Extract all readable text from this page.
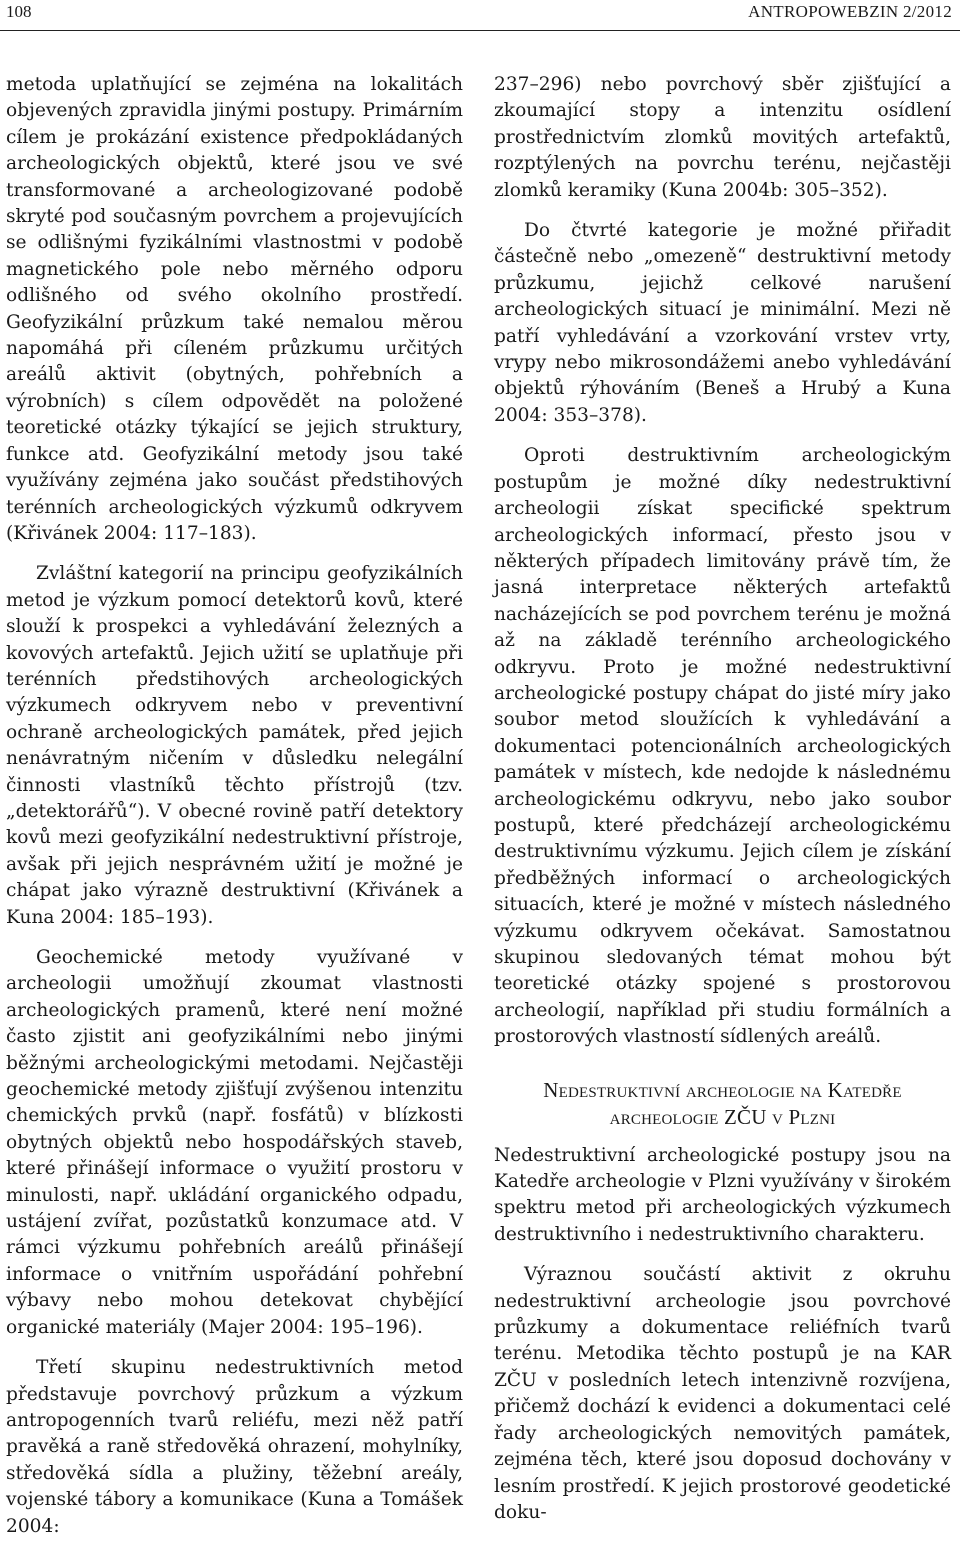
108	ANTROPOWEBZIN 2/2012

metoda uplatňující se zejména na lokalitách objevených zpravidla jinými postupy. Primárním cílem je prokázání existence předpokládaných archeologických objektů, které jsou ve své transformované a archeologizované podobě skryté pod současným povrchem a projevujících se odlišnými fyzikálními vlastnostmi v podobě magnetického pole nebo měrného odporu odlišného od svého okolního prostředí. Geofyzikální průzkum také nemalou měrou napomáhá při cíleném průzkumu určitých areálů aktivit (obytných, pohřebních a výrobních) s cílem odpovědět na položené teoretické otázky týkající se jejich struktury, funkce atd. Geofyzikální metody jsou také využívány zejména jako součást předstihových terénních archeologických výzkumů odkryvem (Křivánek 2004: 117–183).

Zvláštní kategorií na principu geofyzikálních metod je výzkum pomocí detektorů kovů, které slouží k prospekci a vyhledávání železných a kovových artefaktů. Jejich užití se uplatňuje při terénních předstihových archeologických výzkumech odkryvem nebo v preventivní ochraně archeologických památek, před jejich nenávratným ničením v důsledku nelegální činnosti vlastníků těchto přístrojů (tzv. „detektorářů“). V obecné rovině patří detektory kovů mezi geofyzikální nedestruktivní přístroje, avšak při jejich nesprávném užití je možné je chápat jako výrazně destruktivní (Křivánek a Kuna 2004: 185–193).

Geochemické metody využívané v archeologii umožňují zkoumat vlastnosti archeologických pramenů, které není možné často zjistit ani geofyzikálními nebo jinými běžnými archeologickými metodami. Nejčastěji geochemické metody zjišťují zvýšenou intenzitu chemických prvků (např. fosfátů) v blízkosti obytných objektů nebo hospodářských staveb, které přinášejí informace o využití prostoru v minulosti, např. ukládání organického odpadu, ustájení zvířat, pozůstatků konzumace atd. V rámci výzkumu pohřebních areálů přinášejí informace o vnitřním uspořádání pohřební výbavy nebo mohou detekovat chybějící organické materiály (Majer 2004: 195–196).

Třetí skupinu nedestruktivních metod představuje povrchový průzkum a výzkum antropogenních tvarů reliéfu, mezi něž patří pravěká a raně středověká ohrazení, mohylníky, středověká sídla a plužiny, těžební areály, vojenské tábory a komunikace (Kuna a Tomášek 2004:

237–296) nebo povrchový sběr zjišťující a zkoumající stopy a intenzitu osídlení prostřednictvím zlomků movitých artefaktů, rozptýlených na povrchu terénu, nejčastěji zlomků keramiky (Kuna 2004b: 305–352).

Do čtvrté kategorie je možné přiřadit částečně nebo „omezeně“ destruktivní metody průzkumu, jejichž celkové narušení archeologických situací je minimální. Mezi ně patří vyhledávání a vzorkování vrstev vrty, vrypy nebo mikrosondážemi anebo vyhledávání objektů rýhováním (Beneš a Hrubý a Kuna 2004: 353–378).

Oproti destruktivním archeologickým postupům je možné díky nedestruktivní archeologii získat specifické spektrum archeologických informací, přesto jsou v některých případech limitovány právě tím, že jasná interpretace některých artefaktů nacházejících se pod povrchem terénu je možná až na základě terénního archeologického odkryvu. Proto je možné nedestruktivní archeologické postupy chápat do jisté míry jako soubor metod sloužících k vyhledávání a dokumentaci potencionálních archeologických památek v místech, kde nedojde k následnému archeologickému odkryvu, nebo jako soubor postupů, které předcházejí archeologickému destruktivnímu výzkumu. Jejich cílem je získání předběžných informací o archeologických situacích, které je možné v místech následného výzkumu odkryvem očekávat. Samostatnou skupinou sledovaných témat mohou být teoretické otázky spojené s prostorovou archeologií, například při studiu formálních a prostorových vlastností sídlených areálů.

Nedestruktivní archeologie na Katedře
archeologie ZČU v Plzni

Nedestruktivní archeologické postupy jsou na Katedře archeologie v Plzni využívány v širokém spektru metod při archeologických výzkumech destruktivního i nedestruktivního charakteru.

Výraznou součástí aktivit z okruhu nedestruktivní archeologie jsou povrchové průzkumy a dokumentace reliéfních tvarů terénu. Metodika těchto postupů je na KAR ZČU v posledních letech intenzivně rozvíjena, přičemž dochází k evidenci a dokumentaci celé řady archeologických nemovitých památek, zejména těch, které jsou doposud dochovány v lesním prostředí. K jejich prostorové geodetické doku-
